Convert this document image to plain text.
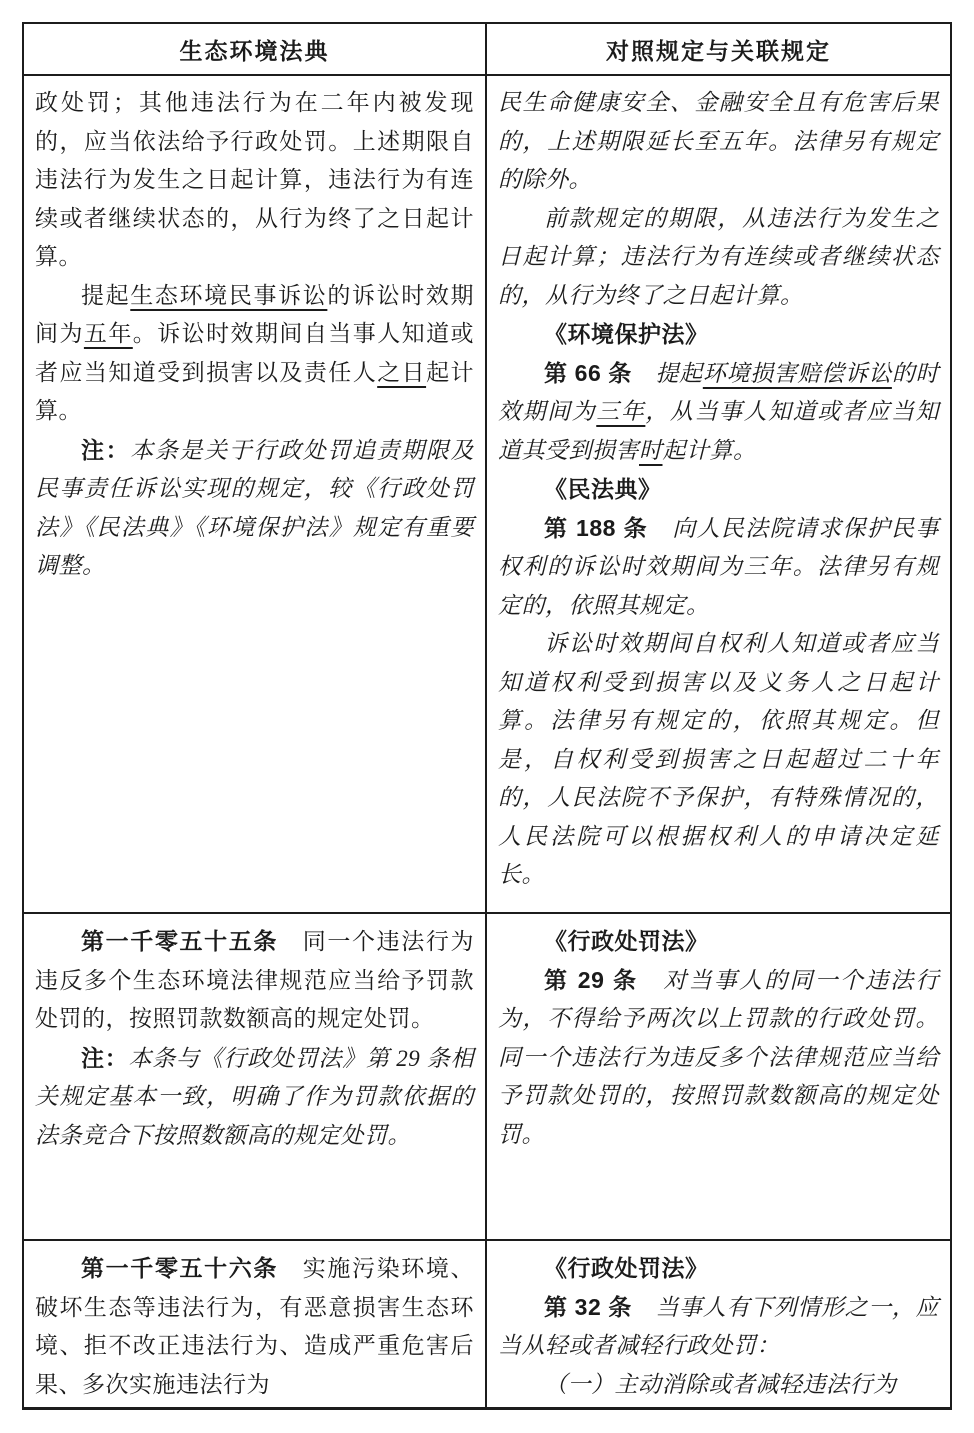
生态环境法典	对照规定与关联规定

政处罚；其他违法行为在二年内被发现的，应当依法给予行政处罚。上述期限自违法行为发生之日起计算，违法行为有连续或者继续状态的，从行为终了之日起计算。

提起生态环境民事诉讼的诉讼时效期间为五年。诉讼时效期间自当事人知道或者应当知道受到损害以及责任人之日起计算。

注：本条是关于行政处罚追责期限及民事责任诉讼实现的规定，较《行政处罚法》《民法典》《环境保护法》规定有重要调整。

民生命健康安全、金融安全且有危害后果的，上述期限延长至五年。法律另有规定的除外。

前款规定的期限，从违法行为发生之日起计算；违法行为有连续或者继续状态的，从行为终了之日起计算。

《环境保护法》

第 66 条　提起环境损害赔偿诉讼的时效期间为三年，从当事人知道或者应当知道其受到损害时起计算。

《民法典》

第 188 条　向人民法院请求保护民事权利的诉讼时效期间为三年。法律另有规定的，依照其规定。

诉讼时效期间自权利人知道或者应当知道权利受到损害以及义务人之日起计算。法律另有规定的，依照其规定。但是，自权利受到损害之日起超过二十年的，人民法院不予保护，有特殊情况的，人民法院可以根据权利人的申请决定延长。

第一千零五十五条　同一个违法行为违反多个生态环境法律规范应当给予罚款处罚的，按照罚款数额高的规定处罚。

注：本条与《行政处罚法》第 29 条相关规定基本一致，明确了作为罚款依据的法条竞合下按照数额高的规定处罚。

《行政处罚法》

第 29 条　对当事人的同一个违法行为，不得给予两次以上罚款的行政处罚。同一个违法行为违反多个法律规范应当给予罚款处罚的，按照罚款数额高的规定处罚。

第一千零五十六条　实施污染环境、破坏生态等违法行为，有恶意损害生态环境、拒不改正违法行为、造成严重危害后果、多次实施违法行为

《行政处罚法》

第 32 条　当事人有下列情形之一，应当从轻或者减轻行政处罚：

（一）主动消除或者减轻违法行为
